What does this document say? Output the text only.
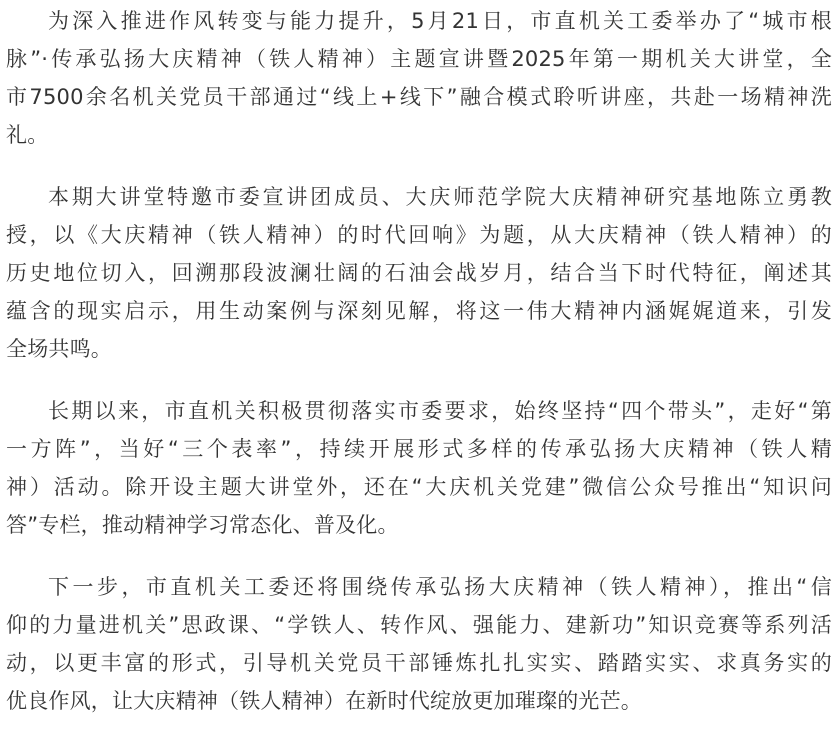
为深入推进作风转变与能力提升，5月21日，市直机关工委举办了“城市根
脉”·传承弘扬大庆精神（铁人精神）主题宣讲暨2025年第一期机关大讲堂，全
市7500余名机关党员干部通过“线上+线下”融合模式聆听讲座，共赴一场精神洗
礼。
本期大讲堂特邀市委宣讲团成员、大庆师范学院大庆精神研究基地陈立勇教
授，以《大庆精神（铁人精神）的时代回响》为题，从大庆精神（铁人精神）的
历史地位切入，回溯那段波澜壮阔的石油会战岁月，结合当下时代特征，阐述其
蕴含的现实启示，用生动案例与深刻见解，将这一伟大精神内涵娓娓道来，引发
全场共鸣。
长期以来，市直机关积极贯彻落实市委要求，始终坚持“四个带头”，走好“第
一方阵”，当好“三个表率”，持续开展形式多样的传承弘扬大庆精神（铁人精
神）活动。除开设主题大讲堂外，还在“大庆机关党建”微信公众号推出“知识问
答”专栏，推动精神学习常态化、普及化。
下一步，市直机关工委还将围绕传承弘扬大庆精神（铁人精神），推出“信
仰的力量进机关”思政课、“学铁人、转作风、强能力、建新功”知识竞赛等系列活
动，以更丰富的形式，引导机关党员干部锤炼扎扎实实、踏踏实实、求真务实的
优良作风，让大庆精神（铁人精神）在新时代绽放更加璀璨的光芒。
